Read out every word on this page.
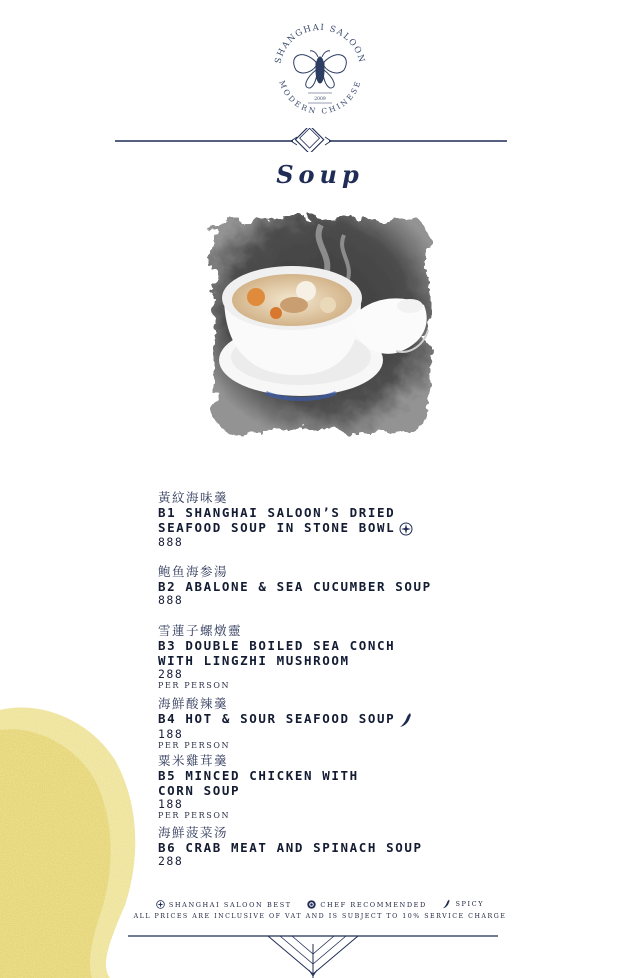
SHANGHAI SALOON
MODERN CHINESE
2009
Soup
黃紋海味羹
B1 SHANGHAI SALOON’S DRIED
SEAFOOD SOUP IN STONE BOWL
888
鲍鱼海参湯
B2 ABALONE & SEA CUCUMBER SOUP
888
雪蓮子螺燉靈
B3 DOUBLE BOILED SEA CONCH
WITH LINGZHI MUSHROOM
288
PER PERSON
海鮮酸辣羹
B4 HOT & SOUR SEAFOOD SOUP
188
PER PERSON
粟米雞茸羹
B5 MINCED CHICKEN WITH
CORN SOUP
188
PER PERSON
海鮮菠菜汤
B6 CRAB MEAT AND SPINACH SOUP
288
SHANGHAI SALOON BEST
	CHEF RECOMMENDED
	SPICY
ALL PRICES ARE INCLUSIVE OF VAT AND IS SUBJECT TO 10% SERVICE CHARGE
